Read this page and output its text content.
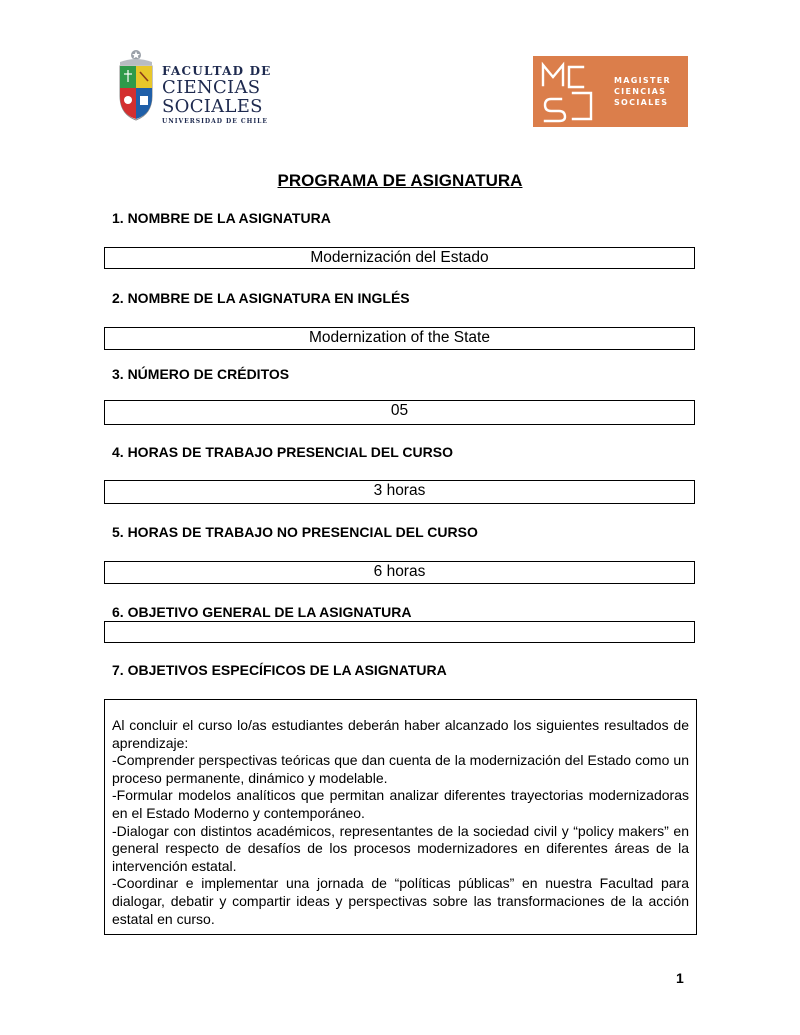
FACULTAD DE
CIENCIAS
SOCIALES
UNIVERSIDAD DE CHILE
MAGISTER
CIENCIAS
SOCIALES
PROGRAMA DE ASIGNATURA
1. NOMBRE DE LA ASIGNATURA
Modernización del Estado
2. NOMBRE DE LA ASIGNATURA EN INGLÉS
Modernization of the State
3. NÚMERO DE CRÉDITOS
05
4. HORAS DE TRABAJO PRESENCIAL DEL CURSO
3 horas
5. HORAS DE TRABAJO NO PRESENCIAL DEL CURSO
6 horas
6. OBJETIVO GENERAL DE LA ASIGNATURA
7. OBJETIVOS ESPECÍFICOS DE LA ASIGNATURA

Al concluir el curso lo/as estudiantes deberán haber alcanzado los siguientes resultados de aprendizaje:

-Comprender perspectivas teóricas que dan cuenta de la modernización del Estado como un proceso permanente, dinámico y modelable.

-Formular modelos analíticos que permitan analizar diferentes trayectorias modernizadoras en el Estado Moderno y contemporáneo.

-Dialogar con distintos académicos, representantes de la sociedad civil y “policy makers” en general respecto de desafíos de los procesos modernizadores en diferentes áreas de la intervención estatal.

-Coordinar e implementar una jornada de “políticas públicas” en nuestra Facultad para dialogar, debatir y compartir ideas y perspectivas sobre las transformaciones de la acción estatal en curso.

1
